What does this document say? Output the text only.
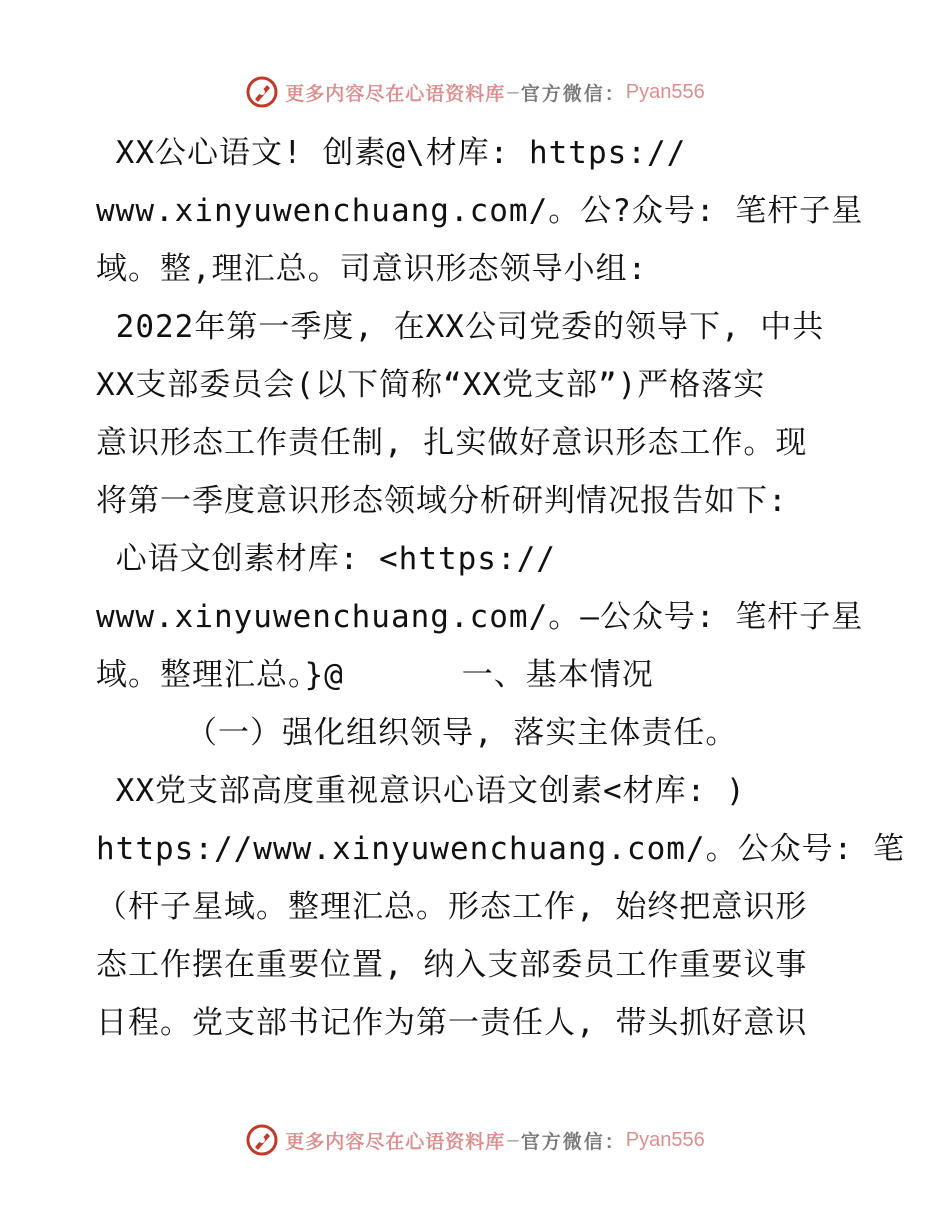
更多内容尽在心语资料库 — 官方微信： Pyan556
XX公心语文! 创素@\材库: https://
www.xinyuwenchuang.com/。公?众号: 笔杆子星
域。整,理汇总。司意识形态领导小组:
2022年第一季度, 在XX公司党委的领导下, 中共
XX支部委员会(以下简称“XX党支部”)严格落实
意识形态工作责任制, 扎实做好意识形态工作。现
将第一季度意识形态领域分析研判情况报告如下:
心语文创素材库: <https://
www.xinyuwenchuang.com/。—公众号: 笔杆子星
域。整理汇总。}@      一、基本情况
（一）强化组织领导, 落实主体责任。
XX党支部高度重视意识心语文创素<材库: )
https://www.xinyuwenchuang.com/。公众号: 笔
（杆子星域。整理汇总。形态工作, 始终把意识形
态工作摆在重要位置, 纳入支部委员工作重要议事
日程。党支部书记作为第一责任人, 带头抓好意识
更多内容尽在心语资料库 — 官方微信： Pyan556
